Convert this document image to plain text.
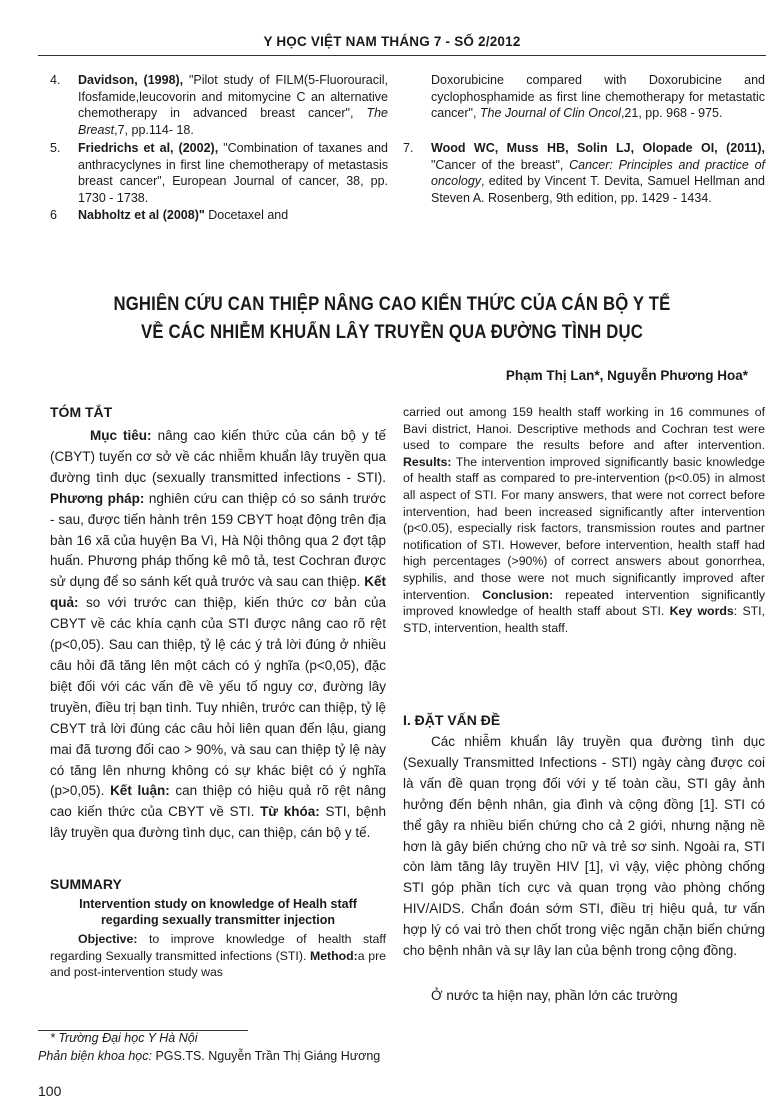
Y HỌC VIỆT NAM THÁNG 7 - SỐ 2/2012
4. Davidson, (1998), "Pilot study of FILM(5-Fluorouracil, Ifosfamide,leucovorin and mitomycine C an alternative chemotherapy in advanced breast cancer", The Breast,7, pp.114- 18.
5. Friedrichs et al, (2002), "Combination of taxanes and anthracyclynes in first line chemotherapy of metastasis breast cancer", European Journal of cancer, 38, pp. 1730 - 1738.
6 Nabholtz et al (2008)" Docetaxel and
Doxorubicine compared with Doxorubicine and cyclophosphamide as first line chemotherapy for metastatic cancer", The Journal of Clin Oncol,21, pp. 968 - 975.
7. Wood WC, Muss HB, Solin LJ, Olopade OI, (2011), "Cancer of the breast", Cancer: Principles and practice of oncology, edited by Vincent T. Devita, Samuel Hellman and Steven A. Rosenberg, 9th edition, pp. 1429 - 1434.
NGHIÊN CỨU CAN THIỆP NÂNG CAO KIẾN THỨC CỦA CÁN BỘ Y TẾ
VỀ CÁC NHIỄM KHUẨN LÂY TRUYỀN QUA ĐƯỜNG TÌNH DỤC
Phạm Thị Lan*, Nguyễn Phương Hoa*
TÓM TẮT
Mục tiêu: nâng cao kiến thức của cán bộ y tế (CBYT) tuyến cơ sở về các nhiễm khuẩn lây truyền qua đường tình dục (sexually transmitted infections - STI). Phương pháp: nghiên cứu can thiệp có so sánh trước - sau, được tiến hành trên 159 CBYT hoạt động trên địa bàn 16 xã của huyện Ba Vì, Hà Nội thông qua 2 đợt tập huấn. Phương pháp thống kê mô tả, test Cochran được sử dụng để so sánh kết quả trước và sau can thiệp. Kết quả: so với trước can thiệp, kiến thức cơ bản của CBYT về các khía cạnh của STI được nâng cao rõ rệt (p<0,05). Sau can thiệp, tỷ lệ các ý trả lời đúng ở nhiều câu hỏi đã tăng lên một cách có ý nghĩa (p<0,05), đặc biệt đối với các vấn đề về yếu tố nguy cơ, đường lây truyền, điều trị bạn tình. Tuy nhiên, trước can thiệp, tỷ lệ CBYT trả lời đúng các câu hỏi liên quan đến lậu, giang mai đã tương đối cao > 90%, và sau can thiệp tỷ lệ này có tăng lên nhưng không có sự khác biệt có ý nghĩa (p>0,05). Kết luận: can thiệp có hiệu quả rõ rệt nâng cao kiến thức của CBYT về STI. Từ khóa: STI, bệnh lây truyền qua đường tình dục, can thiệp, cán bộ y tế.
SUMMARY
Intervention study on knowledge of Healh staff regarding sexually transmitter injection
Objective: to improve knowledge of health staff regarding Sexually transmitted infections (STI). Method:a pre and post-intervention study was
carried out among 159 health staff working in 16 communes of Bavi district, Hanoi. Descriptive methods and Cochran test were used to compare the results before and after intervention. Results: The intervention improved significantly basic knowledge of health staff as compared to pre-intervention (p<0.05) in almost all aspect of STI. For many answers, that were not correct before intervention, had been increased significantly after intervention (p<0.05), especially risk factors, transmission routes and partner notification of STI. However, before intervention, health staff had high percentages (>90%) of correct answers about gonorrhea, syphilis, and those were not much significantly improved after intervention. Conclusion: repeated intervention significantly improved knowledge of health staff about STI. Key words: STI, STD, intervention, health staff.
I. ĐẶT VẤN ĐỀ
Các nhiễm khuẩn lây truyền qua đường tình dục (Sexually Transmitted Infections - STI) ngày càng được coi là vấn đề quan trọng đối với y tế toàn cầu, STI gây ảnh hưởng đến bệnh nhân, gia đình và cộng đồng [1]. STI có thể gây ra nhiều biến chứng cho cả 2 giới, nhưng nặng nề hơn là gây biến chứng cho nữ và trẻ sơ sinh. Ngoài ra, STI còn làm tăng lây truyền HIV [1], vì vậy, việc phòng chống STI góp phần tích cực và quan trọng vào phòng chống HIV/AIDS. Chẩn đoán sớm STI, điều trị hiệu quả, tư vấn hợp lý có vai trò then chốt trong việc ngăn chặn biến chứng cho bệnh nhân và sự lây lan của bệnh trong cộng đồng.
Ở nước ta hiện nay, phần lớn các trường
* Trường Đại học Y Hà Nội
Phản biện khoa học: PGS.TS. Nguyễn Trần Thị Giáng Hương
100
